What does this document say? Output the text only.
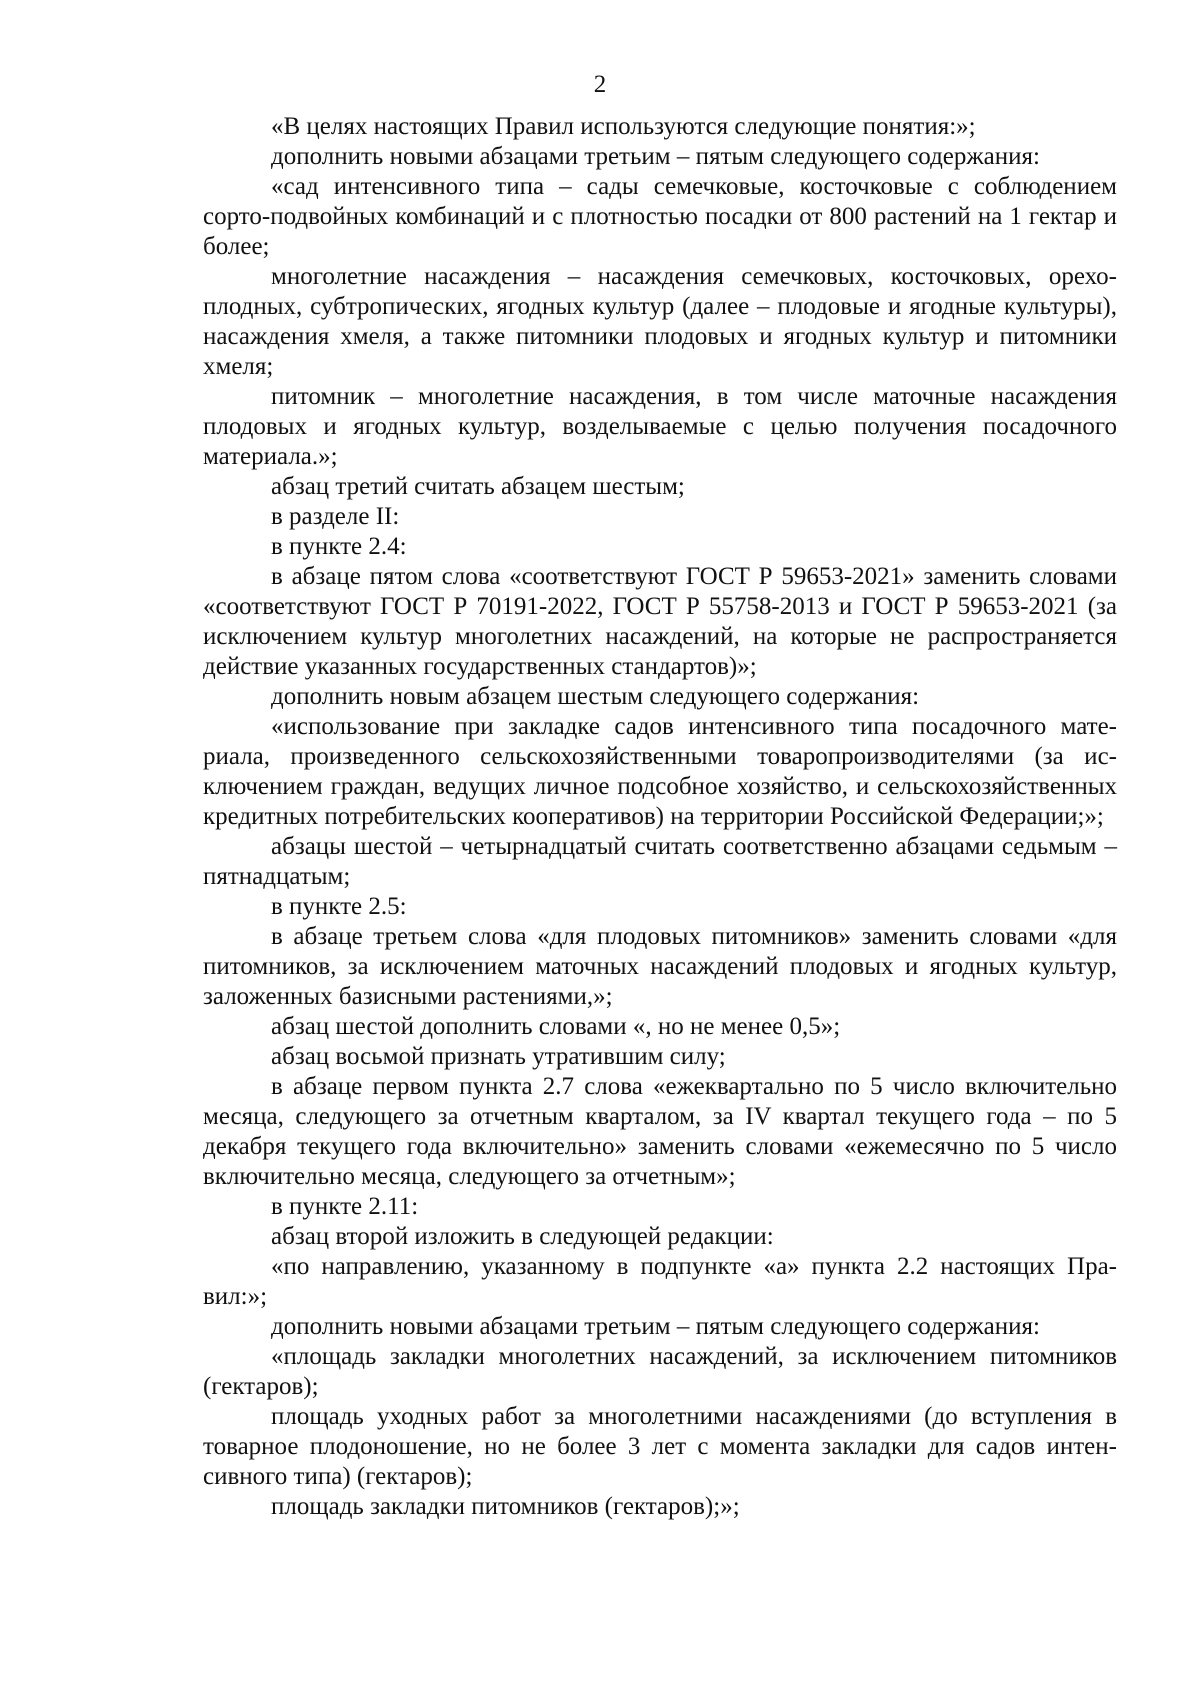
2

«В целях настоящих Правил используются следующие понятия:»;

дополнить новыми абзацами третьим – пятым следующего содержания:

«сад интенсивного типа – сады семечковые, косточковые с соблюдением сорто-подвойных комбинаций и с плотностью посадки от 800 растений на 1 гектар и более;

многолетние насаждения – насаждения семечковых, косточковых, орехоплодных, субтропических, ягодных культур (далее – плодовые и ягодные культуры), насаждения хмеля, а также питомники плодовых и ягодных культур и питомники хмеля;

питомник – многолетние насаждения, в том числе маточные насаждения плодовых и ягодных культур, возделываемые с целью получения посадочного материала.»;

абзац третий считать абзацем шестым;

в разделе II:

в пункте 2.4:

в абзаце пятом слова «соответствуют ГОСТ Р 59653-2021» заменить словами «соответствуют ГОСТ Р 70191-2022, ГОСТ Р 55758-2013 и ГОСТ Р 59653-2021 (за исключением культур многолетних насаждений, на которые не распространяется действие указанных государственных стандартов)»;

дополнить новым абзацем шестым следующего содержания:

«использование при закладке садов интенсивного типа посадочного материала, произведенного сельскохозяйственными товаропроизводителями (за исключением граждан, ведущих личное подсобное хозяйство, и сельскохозяйственных кредитных потребительских кооперативов) на территории Российской Федерации;»;

абзацы шестой – четырнадцатый считать соответственно абзацами седьмым – пятнадцатым;

в пункте 2.5:

в абзаце третьем слова «для плодовых питомников» заменить словами «для питомников, за исключением маточных насаждений плодовых и ягодных культур, заложенных базисными растениями,»;

абзац шестой дополнить словами «, но не менее 0,5»;

абзац восьмой признать утратившим силу;

в абзаце первом пункта 2.7 слова «ежеквартально по 5 число включительно месяца, следующего за отчетным кварталом, за IV квартал текущего года – по 5 декабря текущего года включительно» заменить словами «ежемесячно по 5 число включительно месяца, следующего за отчетным»;

в пункте 2.11:

абзац второй изложить в следующей редакции:

«по направлению, указанному в подпункте «а» пункта 2.2 настоящих Правил:»;

дополнить новыми абзацами третьим – пятым следующего содержания:

«площадь закладки многолетних насаждений, за исключением питомников (гектаров);

площадь уходных работ за многолетними насаждениями (до вступления в товарное плодоношение, но не более 3 лет с момента закладки для садов интенсивного типа) (гектаров);

площадь закладки питомников (гектаров);»;
